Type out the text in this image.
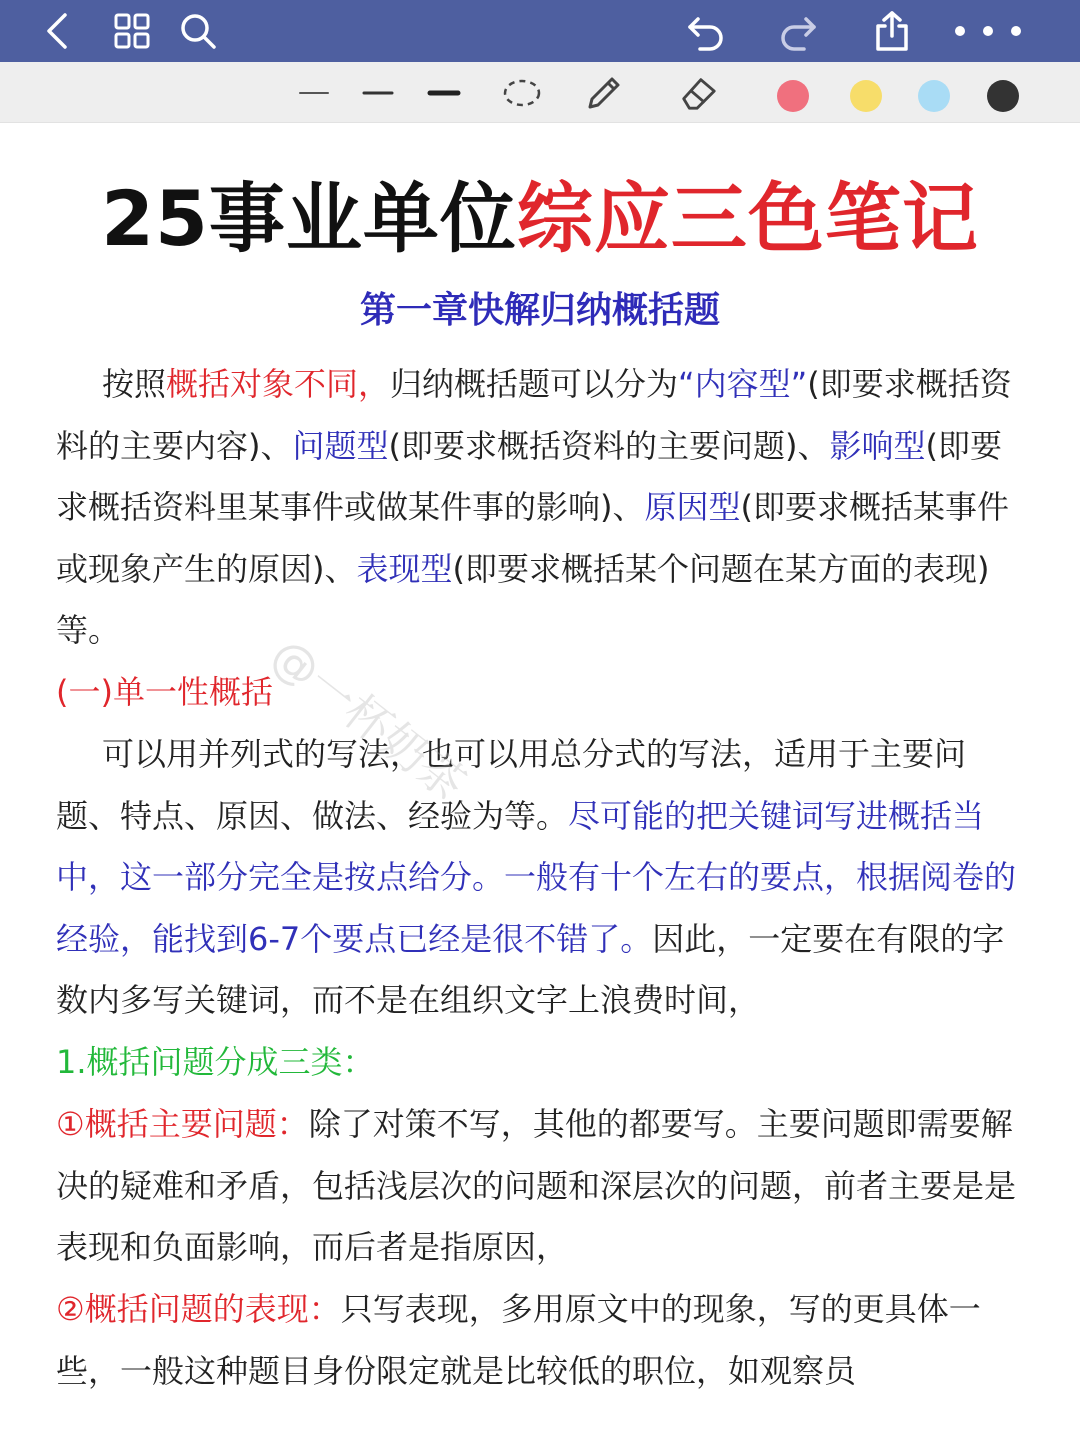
25事业单位综应三色笔记
第一章快解归纳概括题
按照概括对象不同，归纳概括题可以分为“内容型”(即要求概括资料的主要内容)、问题型(即要求概括资料的主要问题)、影响型(即要求概括资料里某事件或做某件事的影响)、原因型(即要求概括某事件或现象产生的原因)、表现型(即要求概括某个问题在某方面的表现)等。
(一)单一性概括
可以用并列式的写法，也可以用总分式的写法，适用于主要问题、特点、原因、做法、经验为等。尽可能的把关键词写进概括当中，这一部分完全是按点给分。一般有十个左右的要点，根据阅卷的经验，能找到6-7个要点已经是很不错了。因此，一定要在有限的字数内多写关键词，而不是在组织文字上浪费时间，
1.概括问题分成三类：
①概括主要问题：除了对策不写，其他的都要写。主要问题即需要解决的疑难和矛盾，包括浅层次的问题和深层次的问题，前者主要是是表现和负面影响，而后者是指原因，
②概括问题的表现：只写表现，多用原文中的现象，写的更具体一些，一般这种题目身份限定就是比较低的职位，如观察员
@一杯奶茶
